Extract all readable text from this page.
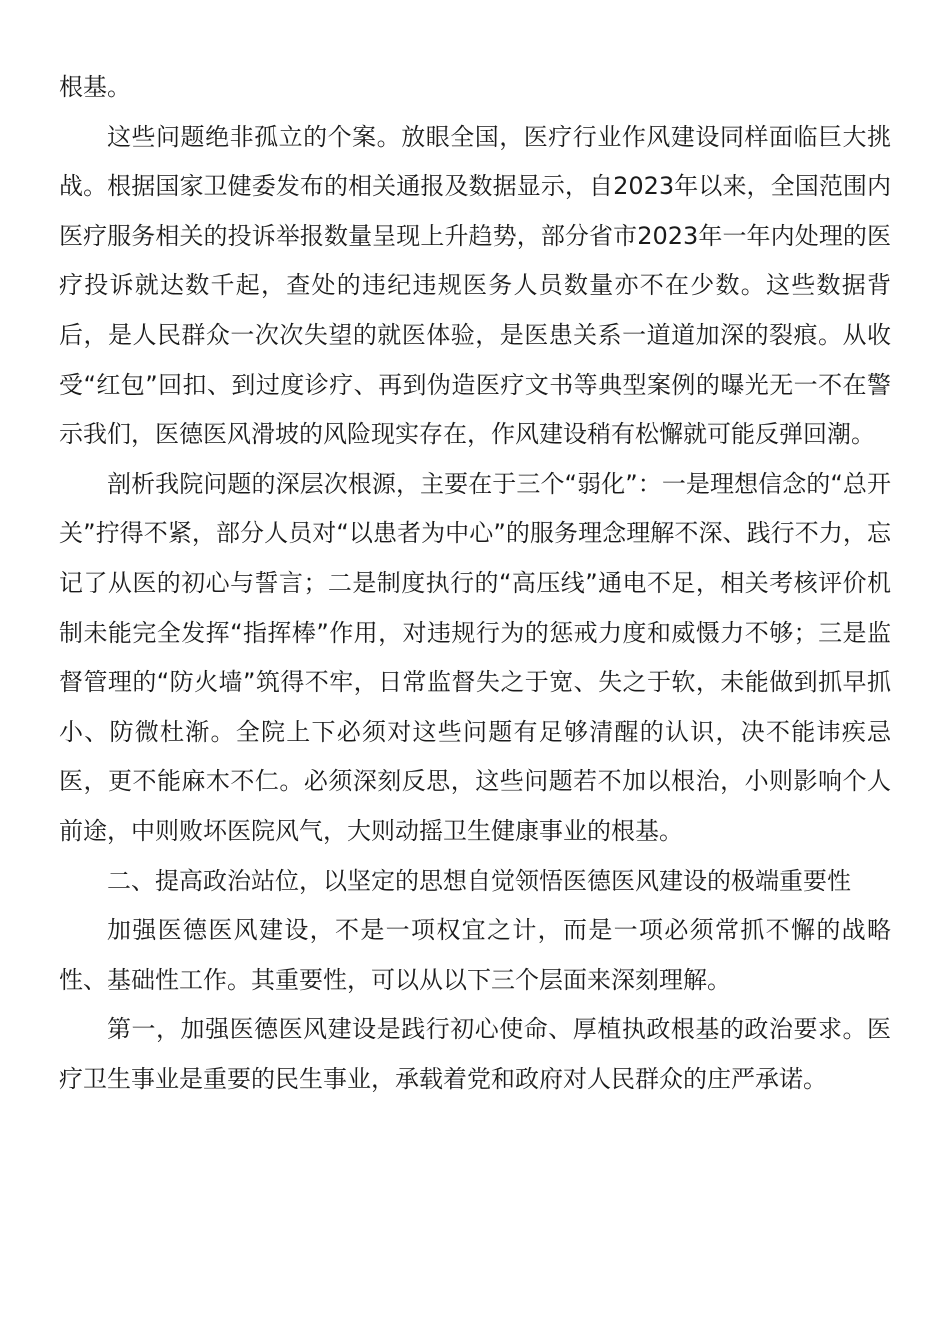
根基。

这些问题绝非孤立的个案。放眼全国，医疗行业作风建设同样面临巨大挑战。根据国家卫健委发布的相关通报及数据显示，自2023年以来，全国范围内医疗服务相关的投诉举报数量呈现上升趋势，部分省市2023年一年内处理的医疗投诉就达数千起，查处的违纪违规医务人员数量亦不在少数。这些数据背后，是人民群众一次次失望的就医体验，是医患关系一道道加深的裂痕。从收受“红包”回扣、到过度诊疗、再到伪造医疗文书等典型案例的曝光无一不在警示我们，医德医风滑坡的风险现实存在，作风建设稍有松懈就可能反弹回潮。

剖析我院问题的深层次根源，主要在于三个“弱化”：一是理想信念的“总开关”拧得不紧，部分人员对“以患者为中心”的服务理念理解不深、践行不力，忘记了从医的初心与誓言；二是制度执行的“高压线”通电不足，相关考核评价机制未能完全发挥“指挥棒”作用，对违规行为的惩戒力度和威慑力不够；三是监督管理的“防火墙”筑得不牢，日常监督失之于宽、失之于软，未能做到抓早抓小、防微杜渐。全院上下必须对这些问题有足够清醒的认识，决不能讳疾忌医，更不能麻木不仁。必须深刻反思，这些问题若不加以根治，小则影响个人前途，中则败坏医院风气，大则动摇卫生健康事业的根基。

二、提高政治站位，以坚定的思想自觉领悟医德医风建设的极端重要性

加强医德医风建设，不是一项权宜之计，而是一项必须常抓不懈的战略性、基础性工作。其重要性，可以从以下三个层面来深刻理解。

第一，加强医德医风建设是践行初心使命、厚植执政根基的政治要求。医疗卫生事业是重要的民生事业，承载着党和政府对人民群众的庄严承诺。
